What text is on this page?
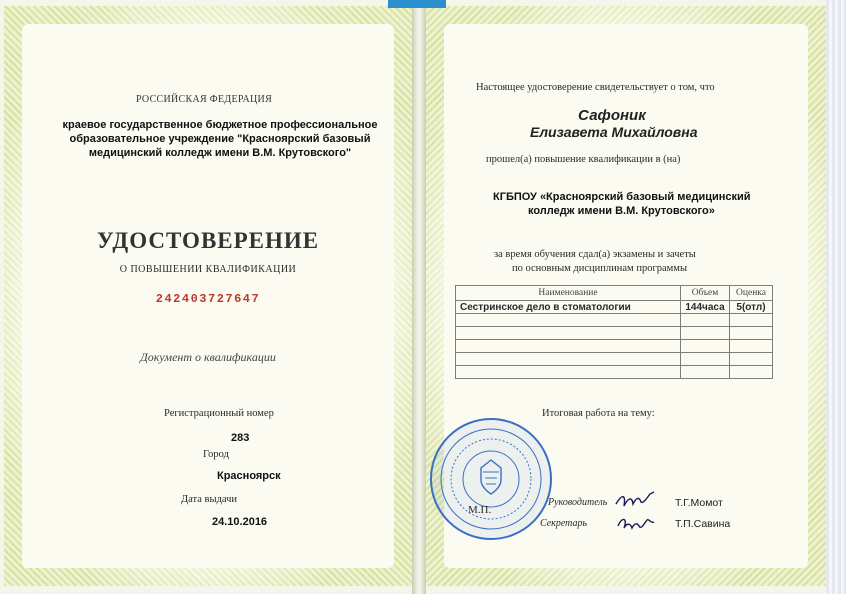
РОССИЙСКАЯ ФЕДЕРАЦИЯ
краевое государственное бюджетное профессиональное
образовательное учреждение "Красноярский базовый
медицинский колледж имени В.М. Крутовского"
УДОСТОВЕРЕНИЕ
О ПОВЫШЕНИИ КВАЛИФИКАЦИИ
242403727647
Документ о квалификации
Регистрационный номер
283
Город
Красноярск
Дата выдачи
24.10.2016
Настоящее удостоверение свидетельствует о том, что
Сафоник
Елизавета Михайловна
прошел(а) повышение квалификации в (на)
КГБПОУ «Красноярский базовый медицинский
колледж имени В.М. Крутовского»
за время обучения сдал(а) экзамены и зачеты
по основным дисциплинам программы
Наименование	Объем	Оценка
Сестринское дело в стоматологии	144часа	5(отл)

Итоговая работа на тему:
М.П.
Руководитель	Т.Г.Момот
Секретарь	Т.П.Савина
